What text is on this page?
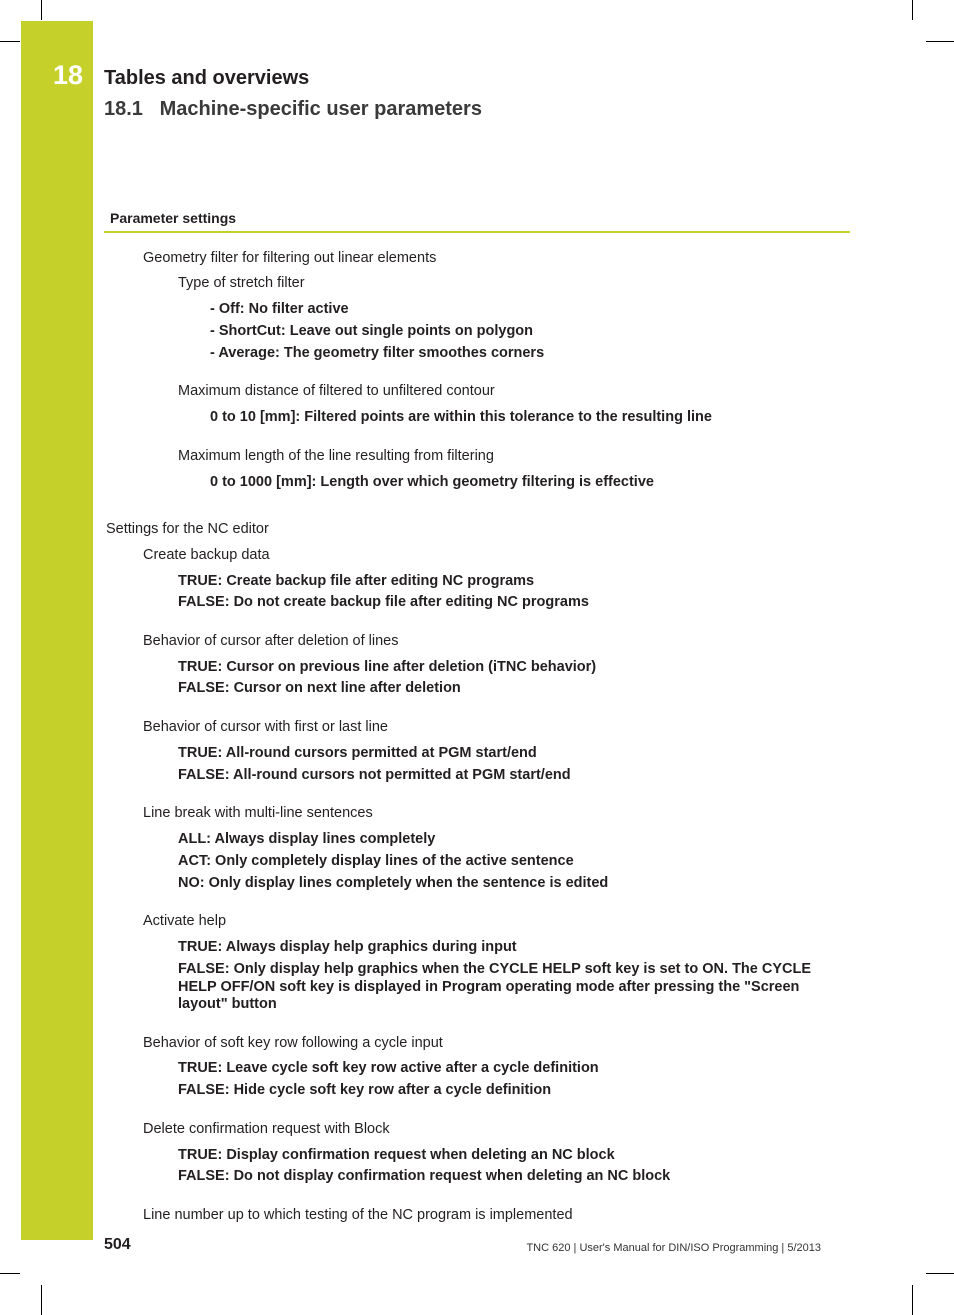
18 Tables and overviews
18.1   Machine-specific user parameters
Parameter settings
Geometry filter for filtering out linear elements
Type of stretch filter
- Off: No filter active
- ShortCut: Leave out single points on polygon
- Average: The geometry filter smoothes corners
Maximum distance of filtered to unfiltered contour
0 to 10 [mm]: Filtered points are within this tolerance to the resulting line
Maximum length of the line resulting from filtering
0 to 1000 [mm]: Length over which geometry filtering is effective
Settings for the NC editor
Create backup data
TRUE: Create backup file after editing NC programs
FALSE: Do not create backup file after editing NC programs
Behavior of cursor after deletion of lines
TRUE: Cursor on previous line after deletion (iTNC behavior)
FALSE: Cursor on next line after deletion
Behavior of cursor with first or last line
TRUE: All-round cursors permitted at PGM start/end
FALSE: All-round cursors not permitted at PGM start/end
Line break with multi-line sentences
ALL: Always display lines completely
ACT: Only completely display lines of the active sentence
NO: Only display lines completely when the sentence is edited
Activate help
TRUE: Always display help graphics during input
FALSE: Only display help graphics when the CYCLE HELP soft key is set to ON. The CYCLE HELP OFF/ON soft key is displayed in Program operating mode after pressing the "Screen layout" button
Behavior of soft key row following a cycle input
TRUE: Leave cycle soft key row active after a cycle definition
FALSE: Hide cycle soft key row after a cycle definition
Delete confirmation request with Block
TRUE: Display confirmation request when deleting an NC block
FALSE: Do not display confirmation request when deleting an NC block
Line number up to which testing of the NC program is implemented
504	TNC 620 | User's Manual for DIN/ISO Programming | 5/2013
